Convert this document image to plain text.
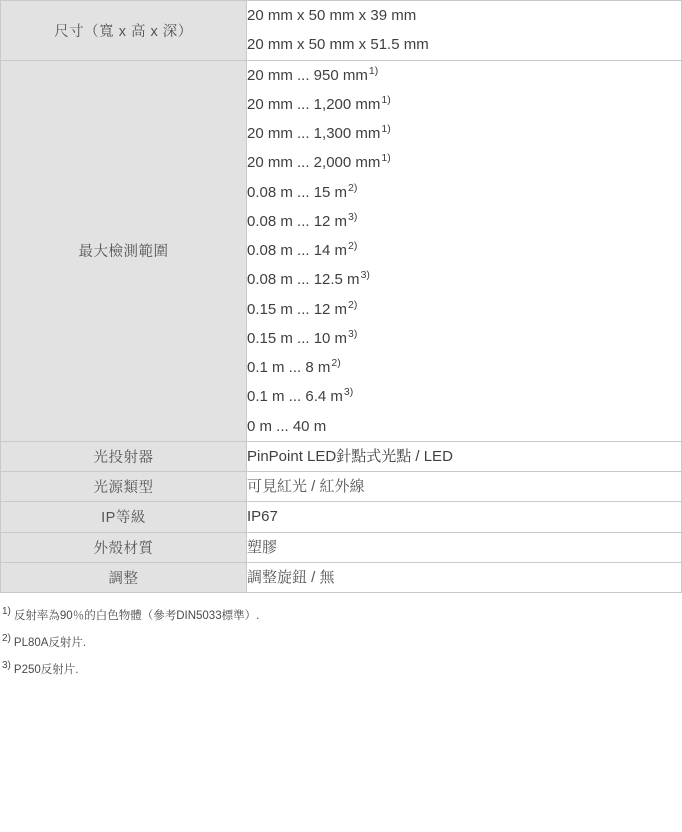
尺寸（寬 x 高 x 深）	20 mm x 50 mm x 39 mm
20 mm x 50 mm x 51.5 mm

最大檢測範圍	
20 mm ... 950 $mm^{1)}$
20 mm ... 1,200 $mm^{1)}$
20 mm ... 1,300 $mm^{1)}$
20 mm ... 2,000 $mm^{1)}$
0.08 m ... 15 $m^{2)}$
0.08 m ... 12 $m^{3)}$
0.08 m ... 14 $m^{2)}$
0.08 m ... 12.5 $m^{3)}$
0.15 m ... 12 $m^{2)}$
0.15 m ... 10 $m^{3)}$
0.1 m ... 8 $m^{2)}$
0.1 m ... 6.4 $m^{3)}$
0 m ... 40 m

光投射器	PinPoint LED針點式光點 / LED

光源類型	可見紅光 / 紅外線

IP等級	IP67

外殼材質	塑膠

調整	調整旋鈕 / 無
$^{1)}$ 反射率為90％的白色物體（參考DIN5033標準）.
$^{2)}$ PL80A反射片.
$^{3)}$ P250反射片.
